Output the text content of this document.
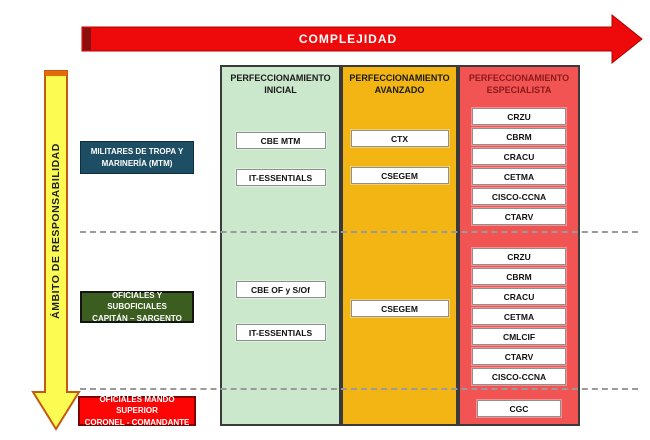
COMPLEJIDAD
ÁMBITO DE RESPONSABILIDAD
PERFECCIONAMIENTO INICIAL
CBE MTM
IT-ESSENTIALS
CBE OF y S/Of
IT-ESSENTIALS
PERFECCIONAMIENTO AVANZADO
CTX
CSEGEM
CSEGEM
PERFECCIONAMIENTO ESPECIALISTA
CRZU
CBRM
CRACU
CETMA
CISCO-CCNA
CTARV
CRZU
CBRM
CRACU
CETMA
CMLCIF
CTARV
CISCO-CCNA
CGC
MILITARES DE TROPA Y
MARINERÍA (MTM)
OFICIALES Y SUBOFICIALES
CAPITÁN – SARGENTO
OFICIALES MANDO SUPERIOR
CORONEL - COMANDANTE
